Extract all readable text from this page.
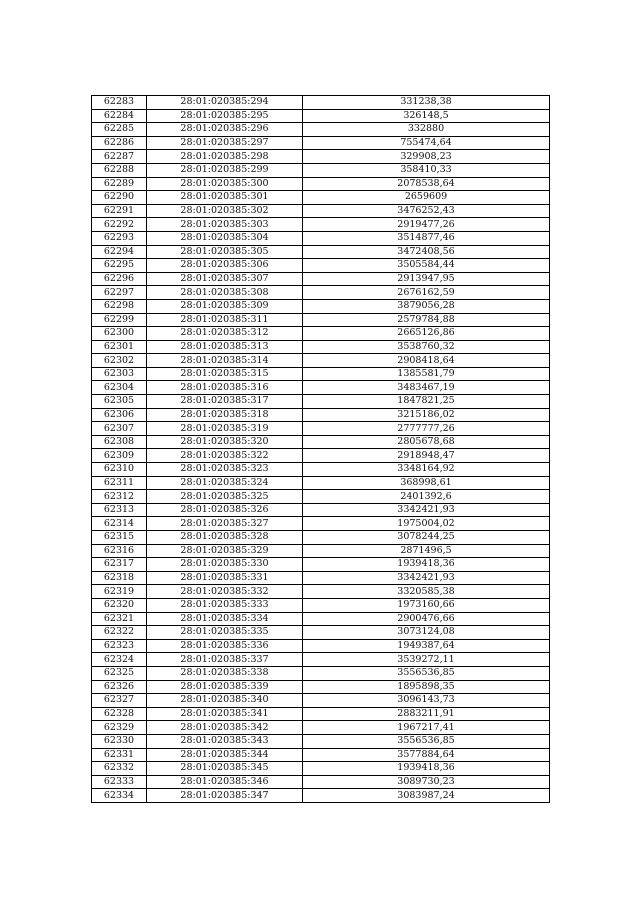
62283	28:01:020385:294	331238,38
62284	28:01:020385:295	326148,5
62285	28:01:020385:296	332880
62286	28:01:020385:297	755474,64
62287	28:01:020385:298	329908,23
62288	28:01:020385:299	358410,33
62289	28:01:020385:300	2078538,64
62290	28:01:020385:301	2659609
62291	28:01:020385:302	3476252,43
62292	28:01:020385:303	2919477,26
62293	28:01:020385:304	3514877,46
62294	28:01:020385:305	3472408,56
62295	28:01:020385:306	3505584,44
62296	28:01:020385:307	2913947,95
62297	28:01:020385:308	2676162,59
62298	28:01:020385:309	3879056,28
62299	28:01:020385:311	2579784,88
62300	28:01:020385:312	2665126,86
62301	28:01:020385:313	3538760,32
62302	28:01:020385:314	2908418,64
62303	28:01:020385:315	1385581,79
62304	28:01:020385:316	3483467,19
62305	28:01:020385:317	1847821,25
62306	28:01:020385:318	3215186,02
62307	28:01:020385:319	2777777,26
62308	28:01:020385:320	2805678,68
62309	28:01:020385:322	2918948,47
62310	28:01:020385:323	3348164,92
62311	28:01:020385:324	368998,61
62312	28:01:020385:325	2401392,6
62313	28:01:020385:326	3342421,93
62314	28:01:020385:327	1975004,02
62315	28:01:020385:328	3078244,25
62316	28:01:020385:329	2871496,5
62317	28:01:020385:330	1939418,36
62318	28:01:020385:331	3342421,93
62319	28:01:020385:332	3320585,38
62320	28:01:020385:333	1973160,66
62321	28:01:020385:334	2900476,66
62322	28:01:020385:335	3073124,08
62323	28:01:020385:336	1949387,64
62324	28:01:020385:337	3539272,11
62325	28:01:020385:338	3556536,85
62326	28:01:020385:339	1895898,35
62327	28:01:020385:340	3096143,73
62328	28:01:020385:341	2883211,91
62329	28:01:020385:342	1967217,41
62330	28:01:020385:343	3556536,85
62331	28:01:020385:344	3577884,64
62332	28:01:020385:345	1939418,36
62333	28:01:020385:346	3089730,23
62334	28:01:020385:347	3083987,24
